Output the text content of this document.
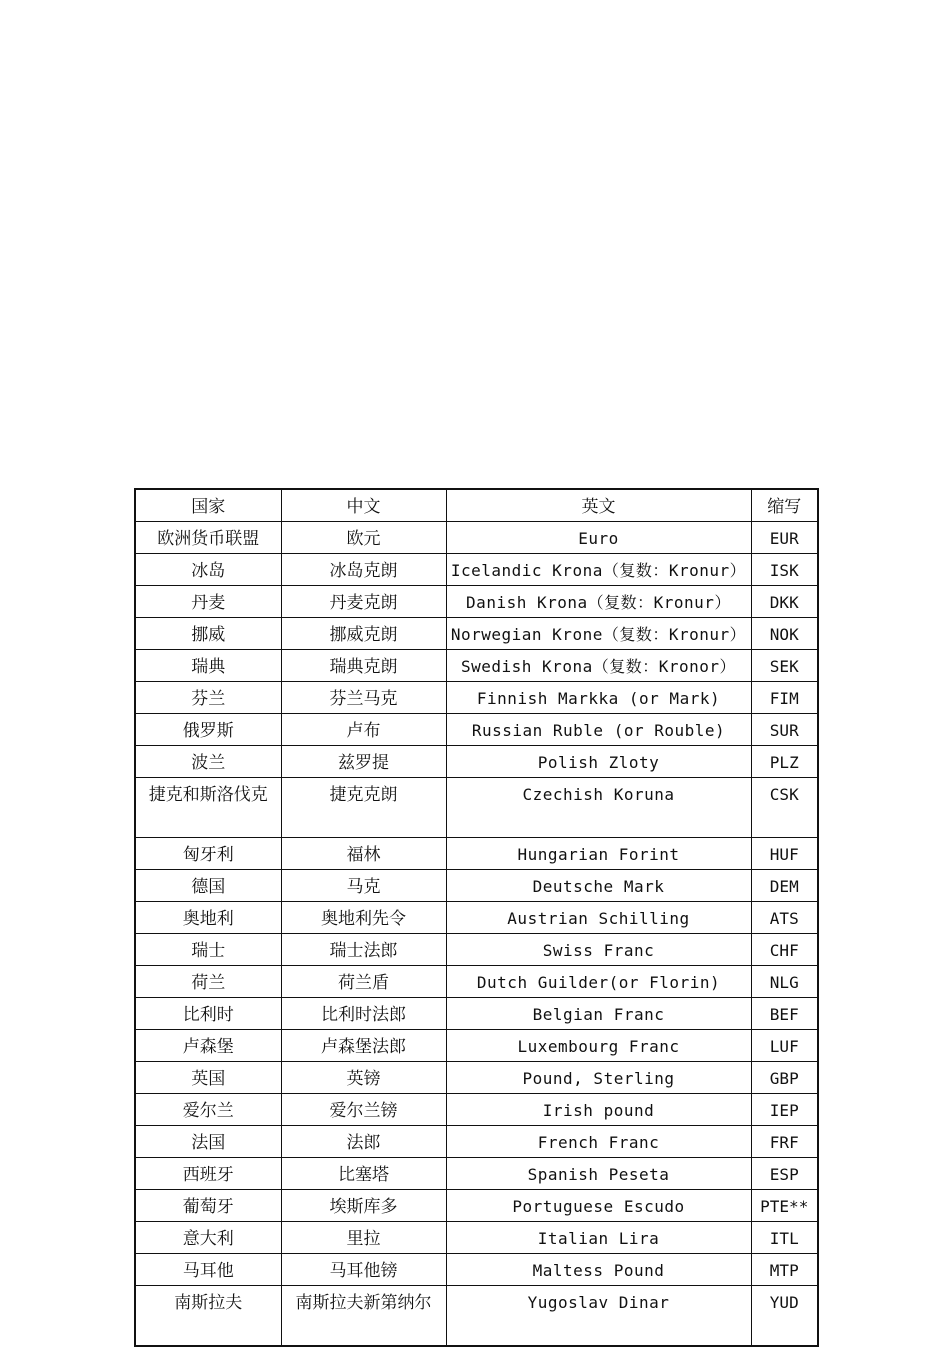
国家	中文	英文	缩写
欧洲货币联盟	欧元	Euro	EUR
冰岛	冰岛克朗	Icelandic Krona（复数：Kronur）	ISK
丹麦	丹麦克朗	Danish Krona（复数：Kronur）	DKK
挪威	挪威克朗	Norwegian Krone（复数：Kronur）	NOK
瑞典	瑞典克朗	Swedish Krona（复数：Kronor）	SEK
芬兰	芬兰马克	Finnish Markka (or Mark)	FIM
俄罗斯	卢布	Russian Ruble (or Rouble)	SUR
波兰	兹罗提	Polish Zloty	PLZ
捷克和斯洛伐克	捷克克朗	Czechish Koruna	CSK
匈牙利	福林	Hungarian Forint	HUF
德国	马克	Deutsche Mark	DEM
奥地利	奥地利先令	Austrian Schilling	ATS
瑞士	瑞士法郎	Swiss Franc	CHF
荷兰	荷兰盾	Dutch Guilder(or Florin)	NLG
比利时	比利时法郎	Belgian Franc	BEF
卢森堡	卢森堡法郎	Luxembourg Franc	LUF
英国	英镑	Pound, Sterling	GBP
爱尔兰	爱尔兰镑	Irish pound	IEP
法国	法郎	French Franc	FRF
西班牙	比塞塔	Spanish Peseta	ESP
葡萄牙	埃斯库多	Portuguese Escudo	PTE**
意大利	里拉	Italian Lira	ITL
马耳他	马耳他镑	Maltess Pound	MTP
南斯拉夫	南斯拉夫新第纳尔	Yugoslav Dinar	YUD
